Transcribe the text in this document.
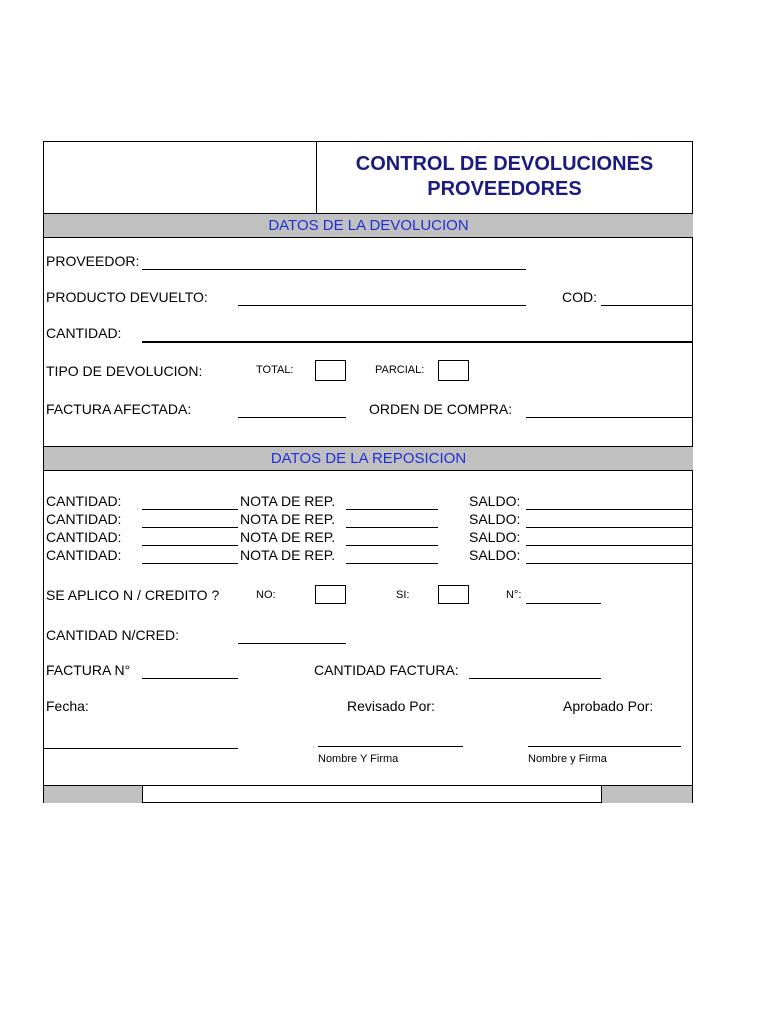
CONTROL DE DEVOLUCIONES
PROVEEDORES
DATOS DE LA DEVOLUCION
PROVEEDOR:
PRODUCTO DEVUELTO:	COD:
CANTIDAD:
TIPO DE DEVOLUCION:	TOTAL:	PARCIAL:
FACTURA AFECTADA:	ORDEN DE COMPRA:
DATOS DE LA REPOSICION
CANTIDAD:	NOTA DE REP.	SALDO:
CANTIDAD:	NOTA DE REP.	SALDO:
CANTIDAD:	NOTA DE REP.	SALDO:
CANTIDAD:	NOTA DE REP.	SALDO:
SE APLICO N / CREDITO ?	NO:	SI:	N°:
CANTIDAD N/CRED:
FACTURA N°	CANTIDAD FACTURA:
Fecha:	Revisado Por:	Aprobado Por:
Nombre Y Firma	Nombre y Firma
